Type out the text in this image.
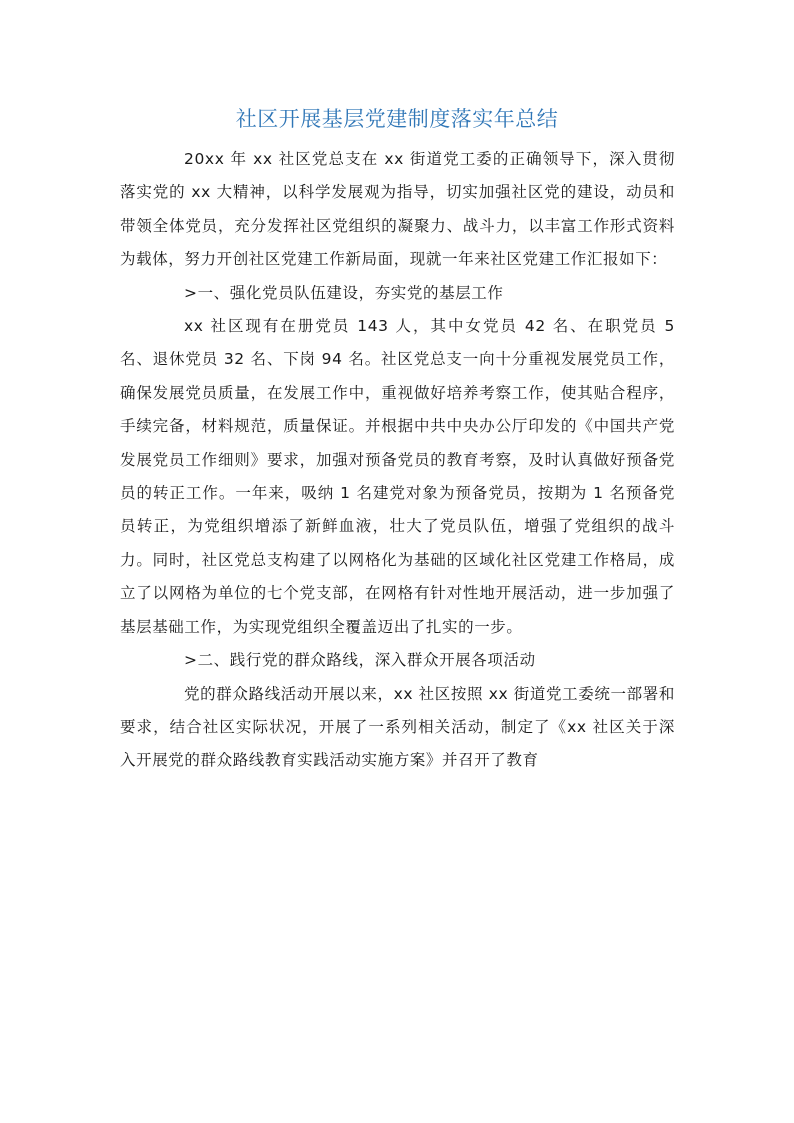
社区开展基层党建制度落实年总结

20xx 年 xx 社区党总支在 xx 街道党工委的正确领导下，深入贯彻落实党的 xx 大精神，以科学发展观为指导，切实加强社区党的建设，动员和带领全体党员，充分发挥社区党组织的凝聚力、战斗力，以丰富工作形式资料为载体，努力开创社区党建工作新局面，现就一年来社区党建工作汇报如下：

>一、强化党员队伍建设，夯实党的基层工作

xx 社区现有在册党员 143 人，其中女党员 42 名、在职党员 5 名、退休党员 32 名、下岗 94 名。社区党总支一向十分重视发展党员工作，确保发展党员质量，在发展工作中，重视做好培养考察工作，使其贴合程序，手续完备，材料规范，质量保证。并根据中共中央办公厅印发的《中国共产党发展党员工作细则》要求，加强对预备党员的教育考察，及时认真做好预备党员的转正工作。一年来，吸纳 1 名建党对象为预备党员，按期为 1 名预备党员转正，为党组织增添了新鲜血液，壮大了党员队伍，增强了党组织的战斗力。同时，社区党总支构建了以网格化为基础的区域化社区党建工作格局，成立了以网格为单位的七个党支部，在网格有针对性地开展活动，进一步加强了基层基础工作，为实现党组织全覆盖迈出了扎实的一步。

>二、践行党的群众路线，深入群众开展各项活动

党的群众路线活动开展以来，xx 社区按照 xx 街道党工委统一部署和要求，结合社区实际状况，开展了一系列相关活动，制定了《xx 社区关于深入开展党的群众路线教育实践活动实施方案》并召开了教育
